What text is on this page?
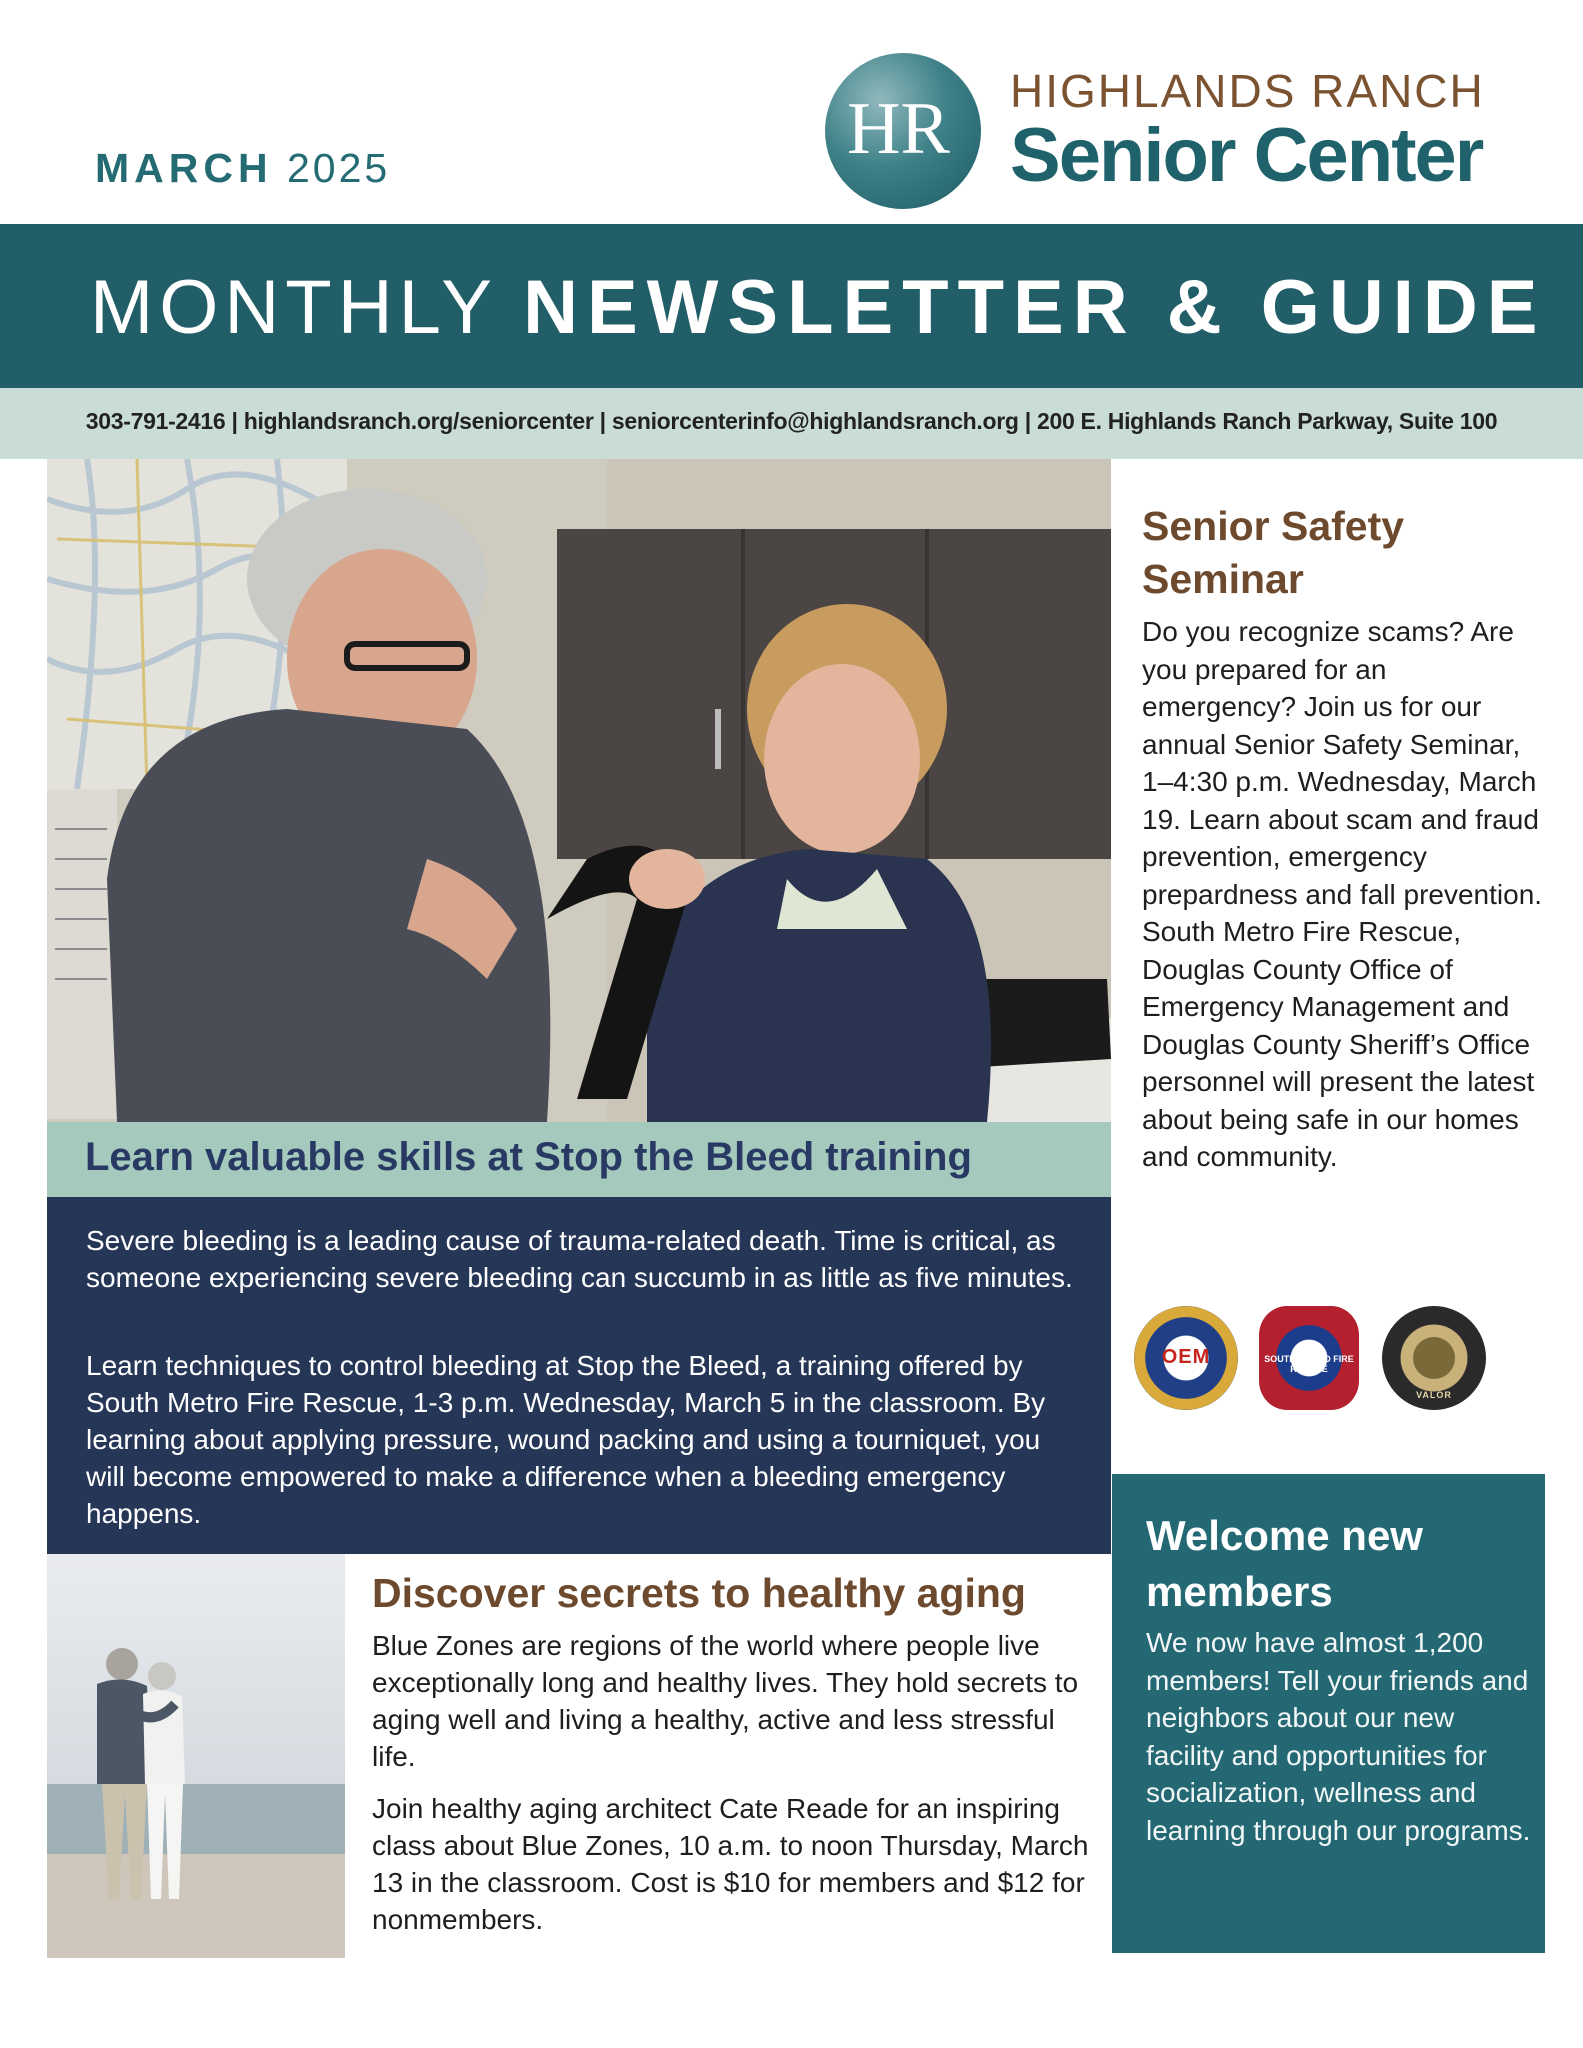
MARCH 2025	HR HIGHLANDS RANCH
Senior Center
MONTHLY NEWSLETTER & GUIDE
303-791-2416 | highlandsranch.org/seniorcenter | seniorcenterinfo@highlandsranch.org | 200 E. Highlands Ranch Parkway, Suite 100
Learn valuable skills at Stop the Bleed training

Severe bleeding is a leading cause of trauma-related death. Time is critical, as someone experiencing severe bleeding can succumb in as little as five minutes.

Learn techniques to control bleeding at Stop the Bleed, a training offered by South Metro Fire Rescue, 1-3 p.m. Wednesday, March 5 in the classroom. By learning about applying pressure, wound packing and using a tourniquet, you will become empowered to make a difference when a bleeding emergency happens.

Discover secrets to healthy aging

Blue Zones are regions of the world where people live exceptionally long and healthy lives. They hold secrets to aging well and living a healthy, active and less stressful life.

Join healthy aging architect Cate Reade for an inspiring class about Blue Zones, 10 a.m. to noon Thursday, March 13 in the classroom. Cost is $10 for members and $12 for nonmembers.

Senior Safety Seminar

Do you recognize scams? Are you prepared for an emergency? Join us for our annual Senior Safety Seminar, 1–4:30 p.m. Wednesday, March 19. Learn about scam and fraud prevention, emergency prepardness and fall prevention. South Metro Fire Rescue, Douglas County Office of Emergency Management and Douglas County Sheriff’s Office personnel will present the latest about being safe in our homes and community.

OEM	SOUTH METRO FIRE RESCUE
VALOR
Welcome new members

We now have almost 1,200 members! Tell your friends and neighbors about our new facility and opportunities for socialization, wellness and learning through our programs.
